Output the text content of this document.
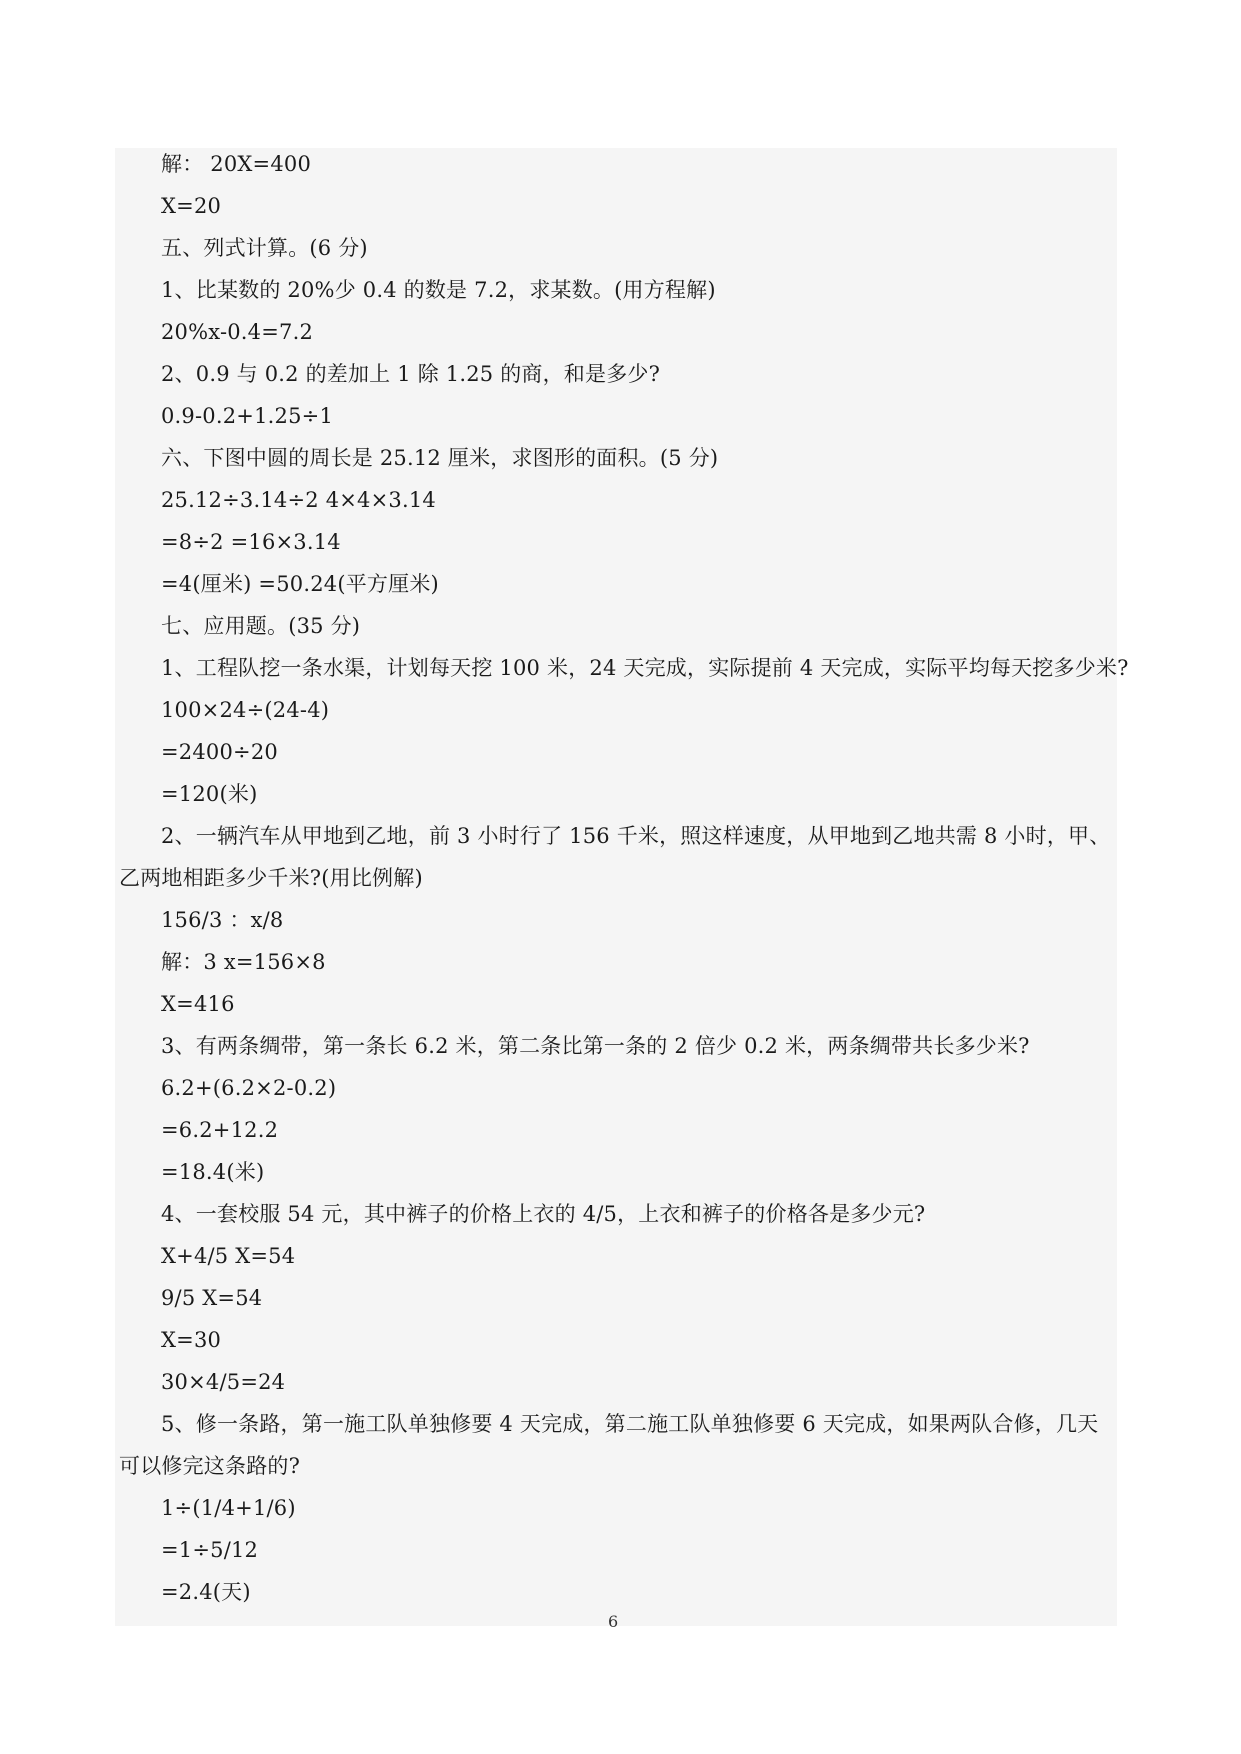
解： 20X=400
X=20
五、列式计算。(6 分)
1、比某数的 20%少 0.4 的数是 7.2，求某数。(用方程解)
20%x-0.4=7.2
2、0.9 与 0.2 的差加上 1 除 1.25 的商，和是多少?
0.9-0.2+1.25÷1
六、下图中圆的周长是 25.12 厘米，求图形的面积。(5 分)
25.12÷3.14÷2 4×4×3.14
=8÷2 =16×3.14
=4(厘米) =50.24(平方厘米)
七、应用题。(35 分)
1、工程队挖一条水渠，计划每天挖 100 米，24 天完成，实际提前 4 天完成，实际平均每天挖多少米?
100×24÷(24-4)
=2400÷20
=120(米)
2、一辆汽车从甲地到乙地，前 3 小时行了 156 千米，照这样速度，从甲地到乙地共需 8 小时，甲、
乙两地相距多少千米?(用比例解)
156/3 ：x/8
解：3 x=156×8
X=416
3、有两条绸带，第一条长 6.2 米，第二条比第一条的 2 倍少 0.2 米，两条绸带共长多少米?
6.2+(6.2×2-0.2)
=6.2+12.2
=18.4(米)
4、一套校服 54 元，其中裤子的价格上衣的 4/5，上衣和裤子的价格各是多少元?
X+4/5 X=54
9/5 X=54
X=30
30×4/5=24
5、修一条路，第一施工队单独修要 4 天完成，第二施工队单独修要 6 天完成，如果两队合修，几天
可以修完这条路的?
1÷(1/4+1/6)
=1÷5/12
=2.4(天)
6
